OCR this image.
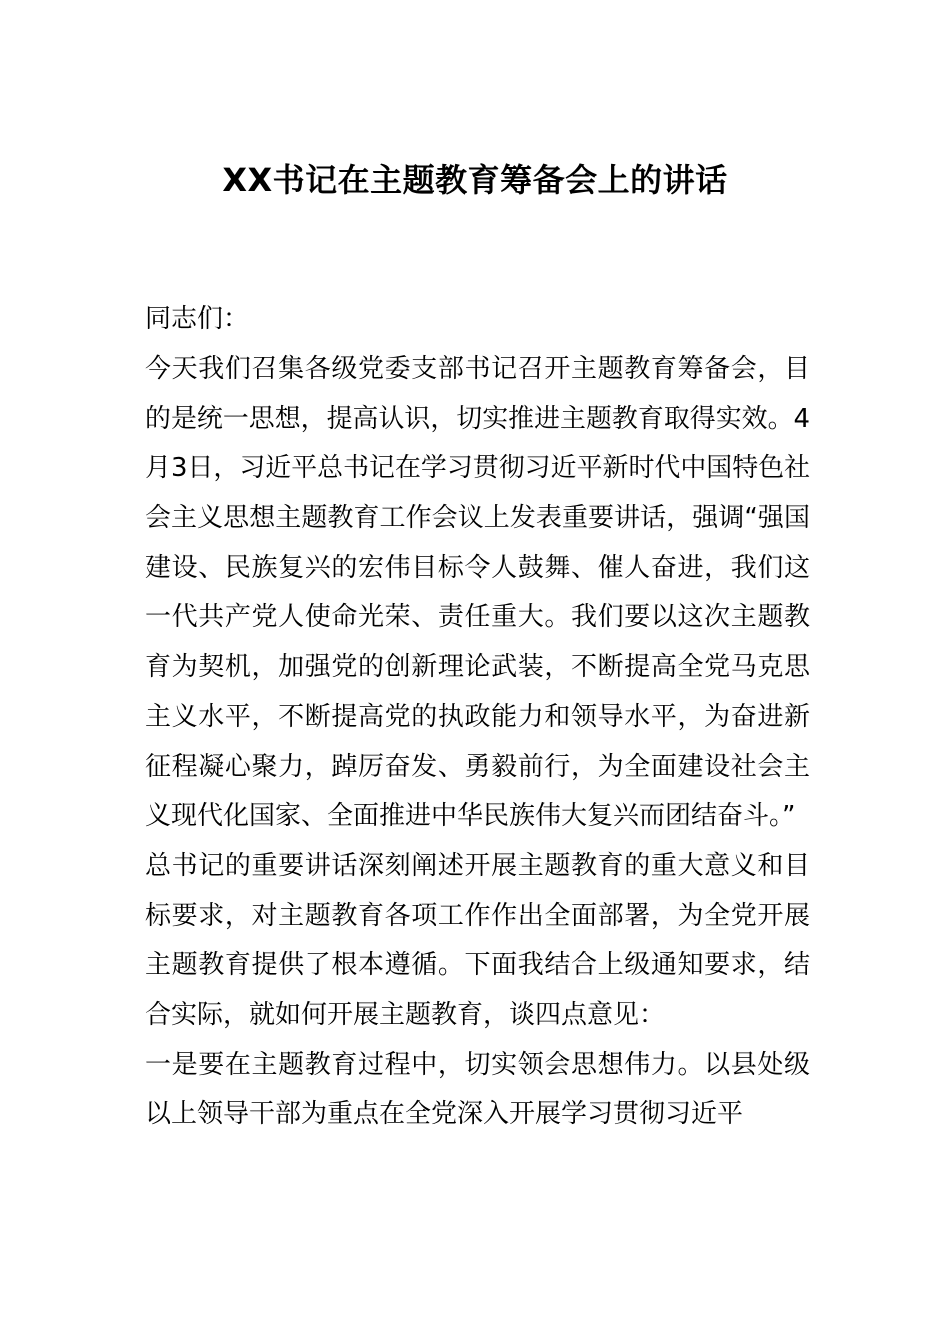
XX书记在主题教育筹备会上的讲话
同志们：
今天我们召集各级党委支部书记召开主题教育筹备会，目
的是统一思想，提高认识，切实推进主题教育取得实效。4
月3日，习近平总书记在学习贯彻习近平新时代中国特色社
会主义思想主题教育工作会议上发表重要讲话，强调“强国
建设、民族复兴的宏伟目标令人鼓舞、催人奋进，我们这
一代共产党人使命光荣、责任重大。我们要以这次主题教
育为契机，加强党的创新理论武装，不断提高全党马克思
主义水平，不断提高党的执政能力和领导水平，为奋进新
征程凝心聚力，踔厉奋发、勇毅前行，为全面建设社会主
义现代化国家、全面推进中华民族伟大复兴而团结奋斗。”
总书记的重要讲话深刻阐述开展主题教育的重大意义和目
标要求，对主题教育各项工作作出全面部署，为全党开展
主题教育提供了根本遵循。下面我结合上级通知要求，结
合实际，就如何开展主题教育，谈四点意见：
一是要在主题教育过程中，切实领会思想伟力。以县处级
以上领导干部为重点在全党深入开展学习贯彻习近平
